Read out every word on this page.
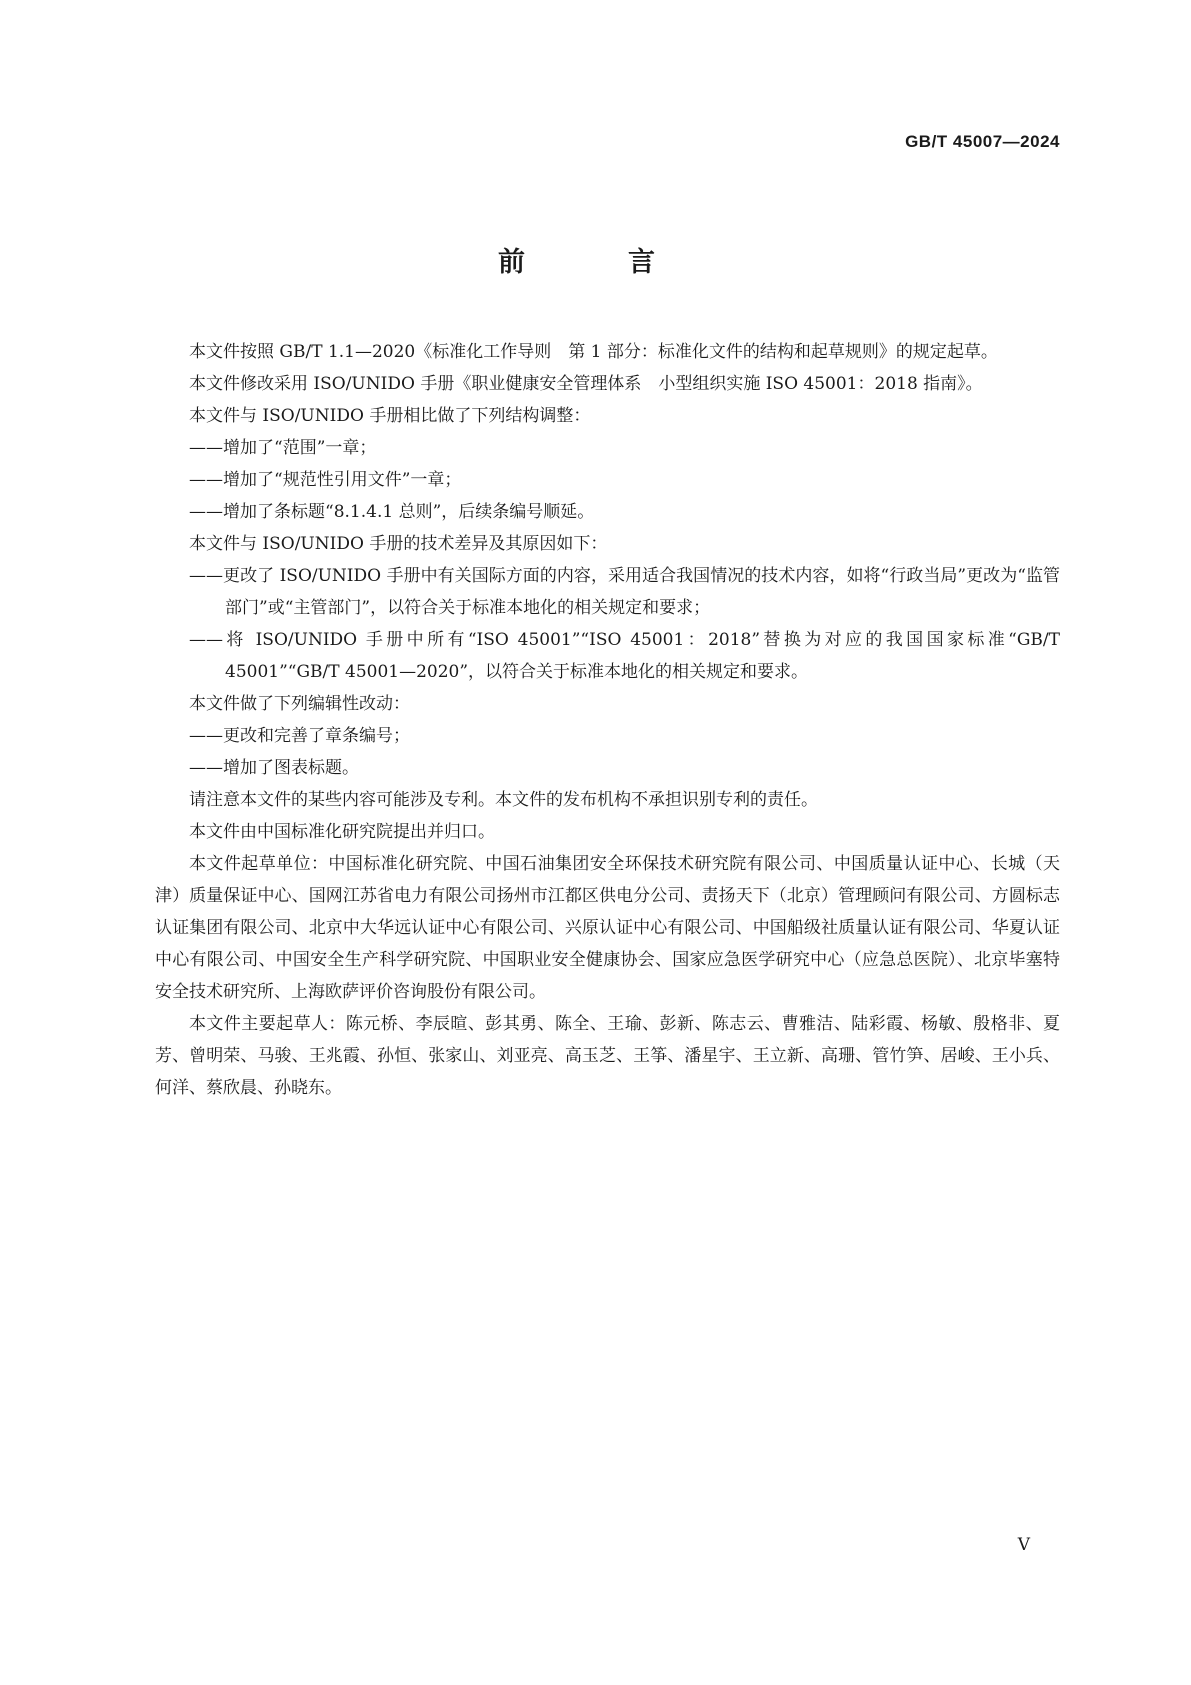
GB/T 45007—2024
前　言

本文件按照 GB/T 1.1—2020《标准化工作导则　第 1 部分：标准化文件的结构和起草规则》的规定起草。

本文件修改采用 ISO/UNIDO 手册《职业健康安全管理体系　小型组织实施 ISO 45001：2018 指南》。

本文件与 ISO/UNIDO 手册相比做了下列结构调整：

——增加了“范围”一章；

——增加了“规范性引用文件”一章；

——增加了条标题“8.1.4.1 总则”，后续条编号顺延。

本文件与 ISO/UNIDO 手册的技术差异及其原因如下：

——更改了 ISO/UNIDO 手册中有关国际方面的内容，采用适合我国情况的技术内容，如将“行政当局”更改为“监管部门”或“主管部门”，以符合关于标准本地化的相关规定和要求；

——将 ISO/UNIDO 手册中所有“ISO 45001”“ISO 45001：2018”替换为对应的我国国家标准“GB/T 45001”“GB/T 45001—2020”，以符合关于标准本地化的相关规定和要求。

本文件做了下列编辑性改动：

——更改和完善了章条编号；

——增加了图表标题。

请注意本文件的某些内容可能涉及专利。本文件的发布机构不承担识别专利的责任。

本文件由中国标准化研究院提出并归口。

本文件起草单位：中国标准化研究院、中国石油集团安全环保技术研究院有限公司、中国质量认证中心、长城（天津）质量保证中心、国网江苏省电力有限公司扬州市江都区供电分公司、责扬天下（北京）管理顾问有限公司、方圆标志认证集团有限公司、北京中大华远认证中心有限公司、兴原认证中心有限公司、中国船级社质量认证有限公司、华夏认证中心有限公司、中国安全生产科学研究院、中国职业安全健康协会、国家应急医学研究中心（应急总医院）、北京毕塞特安全技术研究所、上海欧萨评价咨询股份有限公司。

本文件主要起草人：陈元桥、李辰暄、彭其勇、陈全、王瑜、彭新、陈志云、曹雅洁、陆彩霞、杨敏、殷格非、夏芳、曾明荣、马骏、王兆霞、孙恒、张家山、刘亚亮、高玉芝、王筝、潘星宇、王立新、高珊、管竹笋、居峻、王小兵、何洋、蔡欣晨、孙晓东。

V
